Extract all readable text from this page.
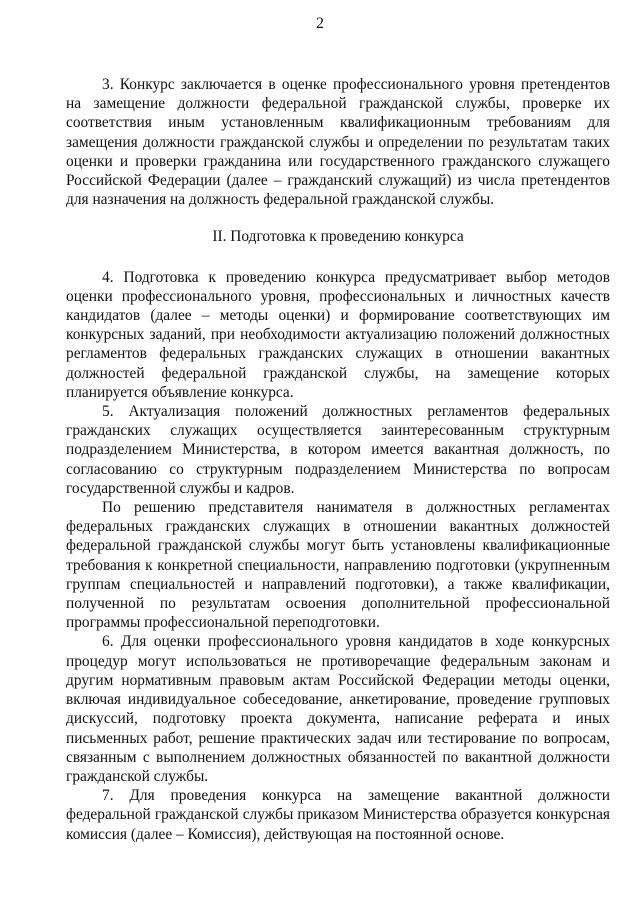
2

3. Конкурс заключается в оценке профессионального уровня претендентов на замещение должности федеральной гражданской службы, проверке их соответствия иным установленным квалификационным требованиям для замещения должности гражданской службы и определении по результатам таких оценки и проверки гражданина или государственного гражданского служащего Российской Федерации (далее – гражданский служащий) из числа претендентов для назначения на должность федеральной гражданской службы.

II. Подготовка к проведению конкурса

4. Подготовка к проведению конкурса предусматривает выбор методов оценки профессионального уровня, профессиональных и личностных качеств кандидатов (далее – методы оценки) и формирование соответствующих им конкурсных заданий, при необходимости актуализацию положений должностных регламентов федеральных гражданских служащих в отношении вакантных должностей федеральной гражданской службы, на замещение которых планируется объявление конкурса.

5. Актуализация положений должностных регламентов федеральных гражданских служащих осуществляется заинтересованным структурным подразделением Министерства, в котором имеется вакантная должность, по согласованию со структурным подразделением Министерства по вопросам государственной службы и кадров.

По решению представителя нанимателя в должностных регламентах федеральных гражданских служащих в отношении вакантных должностей федеральной гражданской службы могут быть установлены квалификационные требования к конкретной специальности, направлению подготовки (укрупненным группам специальностей и направлений подготовки), а также квалификации, полученной по результатам освоения дополнительной профессиональной программы профессиональной переподготовки.

6. Для оценки профессионального уровня кандидатов в ходе конкурсных процедур могут использоваться не противоречащие федеральным законам и другим нормативным правовым актам Российской Федерации методы оценки, включая индивидуальное собеседование, анкетирование, проведение групповых дискуссий, подготовку проекта документа, написание реферата и иных письменных работ, решение практических задач или тестирование по вопросам, связанным с выполнением должностных обязанностей по вакантной должности гражданской службы.

7. Для проведения конкурса на замещение вакантной должности федеральной гражданской службы приказом Министерства образуется конкурсная комиссия (далее – Комиссия), действующая на постоянной основе.
